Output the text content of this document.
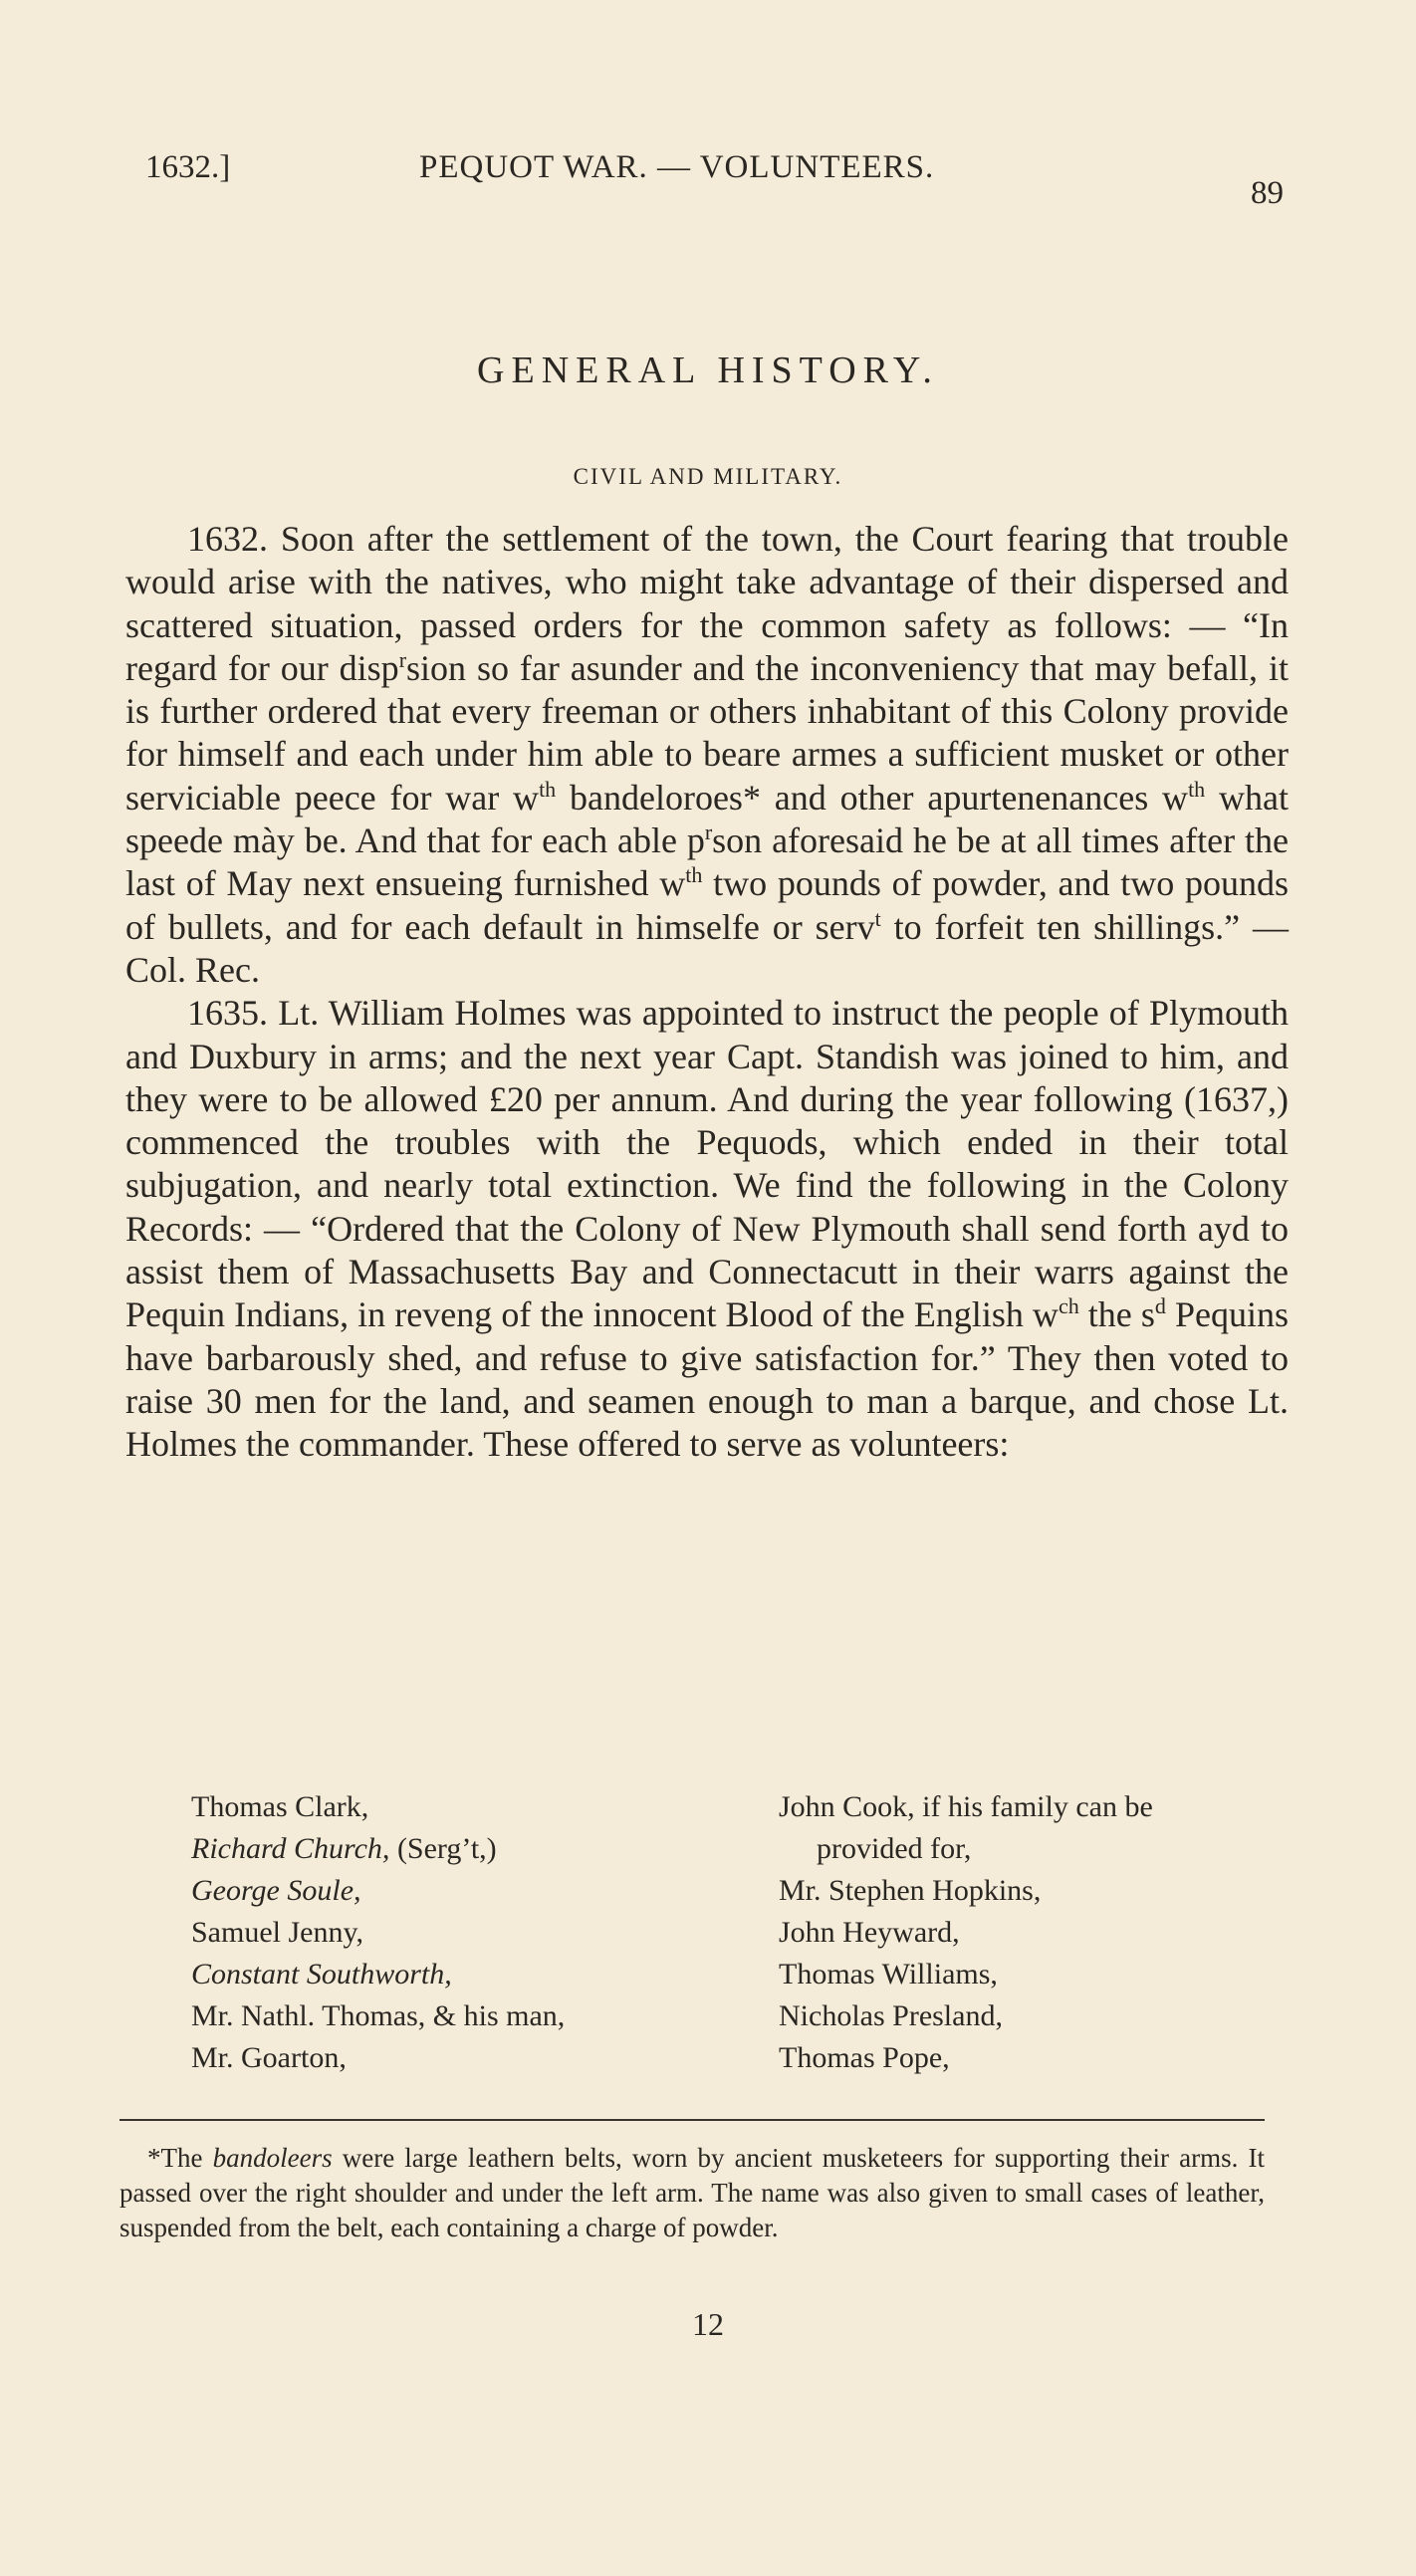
1632.]	PEQUOT WAR. — VOLUNTEERS.
89
GENERAL HISTORY.
CIVIL AND MILITARY.

1632. Soon after the settlement of the town, the Court fearing that trouble would arise with the natives, who might take advantage of their dispersed and scattered situation, passed orders for the common safety as follows: — “In regard for our disp$^r$sion so far asunder and the inconveniency that may befall, it is further ordered that every freeman or others inhabitant of this Colony provide for himself and each under him able to beare armes a sufficient musket or other serviciable peece for war $w^{th}$ bandeloroes* and other apurtenenances $w^{th}$ what speede mày be. And that for each able $p^rson$ aforesaid he be at all times after the last of May next ensueing furnished $w^{th}$ two pounds of powder, and two pounds of bullets, and for each default in himselfe or serv$^t$ to forfeit ten shillings.” — Col. Rec.

1635. Lt. William Holmes was appointed to instruct the people of Plymouth and Duxbury in arms; and the next year Capt. Standish was joined to him, and they were to be allowed £20 per annum. And during the year following (1637,) commenced the troubles with the Pequods, which ended in their total subjugation, and nearly total extinction. We find the following in the Colony Records: — “Ordered that the Colony of New Plymouth shall send forth ayd to assist them of Massachusetts Bay and Connectacutt in their warrs against the Pequin Indians, in reveng of the innocent Blood of the English $w^{ch}$ the $s^d$ Pequins have barbarously shed, and refuse to give satisfaction for.” They then voted to raise 30 men for the land, and seamen enough to man a barque, and chose Lt. Holmes the commander. These offered to serve as volunteers:

Thomas Clark,
Richard Church, (Serg’t,)
George Soule,
Samuel Jenny,
Constant Southworth,
Mr. Nathl. Thomas, & his man,
Mr. Goarton,
John Cook, if his family can be
provided for,
Mr. Stephen Hopkins,
John Heyward,
Thomas Williams,
Nicholas Presland,
Thomas Pope,

*The bandoleers were large leathern belts, worn by ancient musketeers for supporting their arms. It passed over the right shoulder and under the left arm. The name was also given to small cases of leather, suspended from the belt, each containing a charge of powder.

12
